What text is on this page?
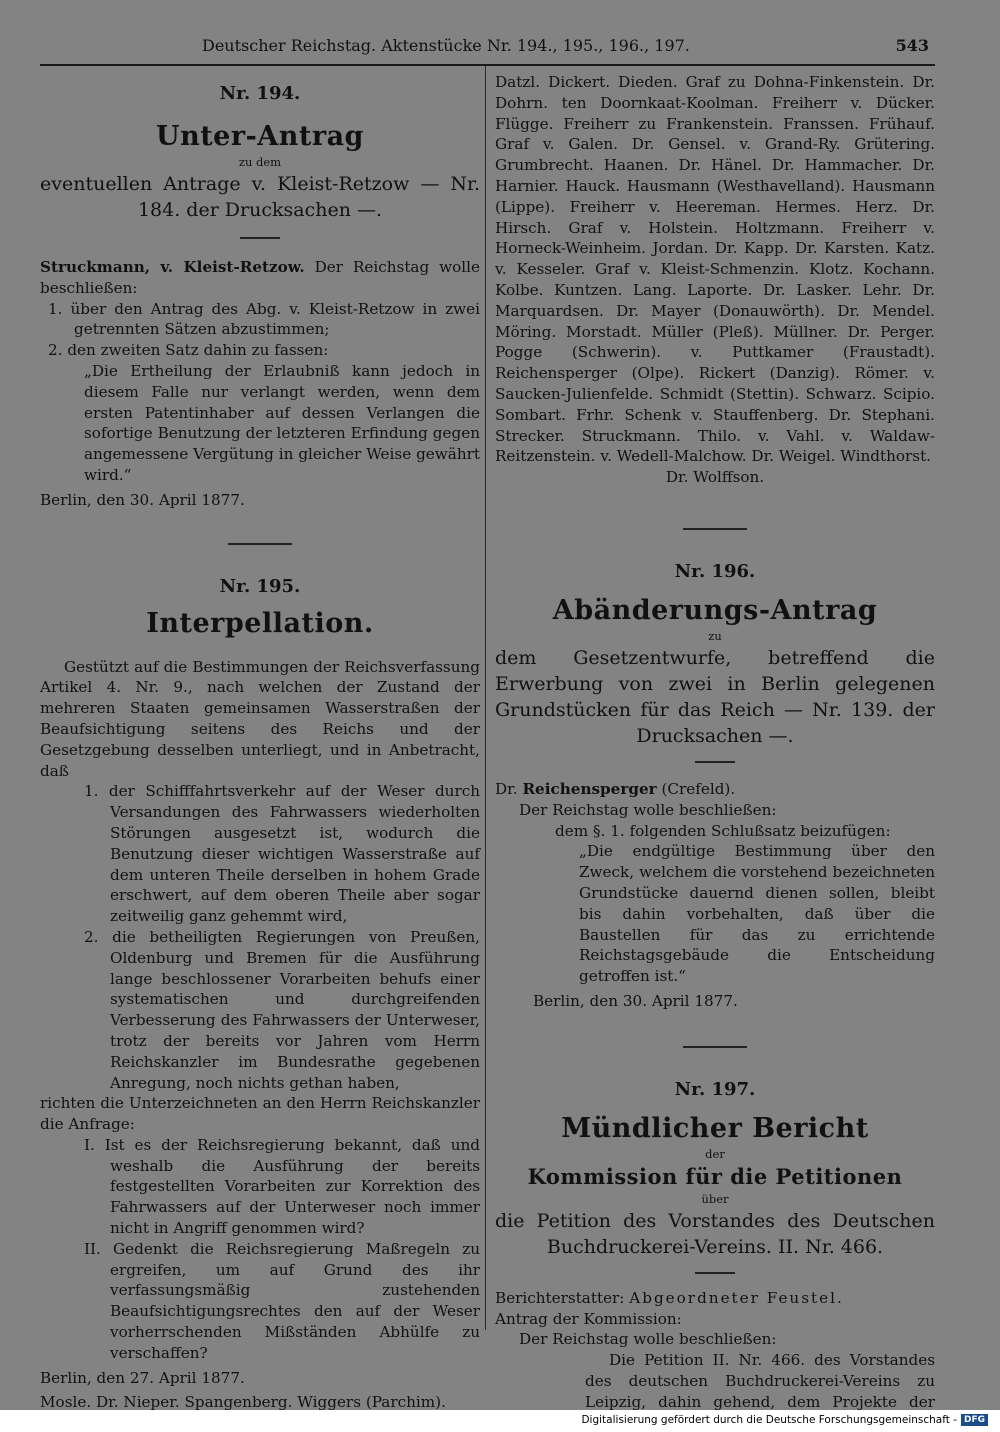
Deutscher Reichstag. Aktenstücke Nr. 194., 195., 196., 197.	543
Nr. 194.
Unter-Antrag
zu dem
eventuellen Antrage v. Kleist-Retzow — Nr. 184. der Drucksachen —.

Struckmann, v. Kleist-Retzow. Der Reichstag wolle beschließen:

1. über den Antrag des Abg. v. Kleist-Retzow in zwei getrennten Sätzen abzustimmen;

2. den zweiten Satz dahin zu fassen:

„Die Ertheilung der Erlaubniß kann jedoch in diesem Falle nur verlangt werden, wenn dem ersten Patentinhaber auf dessen Verlangen die sofortige Benutzung der letzteren Erfindung gegen angemessene Vergütung in gleicher Weise gewährt wird.“

Berlin, den 30. April 1877.

Nr. 195.
Interpellation.

Gestützt auf die Bestimmungen der Reichsverfassung Artikel 4. Nr. 9., nach welchen der Zustand der mehreren Staaten gemeinsamen Wasserstraßen der Beaufsichtigung seitens des Reichs und der Gesetzgebung desselben unterliegt, und in Anbetracht, daß

1. der Schifffahrtsverkehr auf der Weser durch Versandungen des Fahrwassers wiederholten Störungen ausgesetzt ist, wodurch die Benutzung dieser wichtigen Wasserstraße auf dem unteren Theile derselben in hohem Grade erschwert, auf dem oberen Theile aber sogar zeitweilig ganz gehemmt wird,

2. die betheiligten Regierungen von Preußen, Oldenburg und Bremen für die Ausführung lange beschlossener Vorarbeiten behufs einer systematischen und durchgreifenden Verbesserung des Fahrwassers der Unterweser, trotz der bereits vor Jahren vom Herrn Reichskanzler im Bundesrathe gegebenen Anregung, noch nichts gethan haben,

richten die Unterzeichneten an den Herrn Reichskanzler die Anfrage:

I. Ist es der Reichsregierung bekannt, daß und weshalb die Ausführung der bereits festgestellten Vorarbeiten zur Korrektion des Fahrwassers auf der Unterweser noch immer nicht in Angriff genommen wird?

II. Gedenkt die Reichsregierung Maßregeln zu ergreifen, um auf Grund des ihr verfassungsmäßig zustehenden Beaufsichtigungsrechtes den auf der Weser vorherrschenden Mißständen Abhülfe zu verschaffen?

Berlin, den 27. April 1877.

Mosle. Dr. Nieper. Spangenberg. Wiggers (Parchim).

Datzl. Dickert. Dieden. Graf zu Dohna-Finkenstein. Dr. Dohrn. ten Doornkaat-Koolman. Freiherr v. Dücker. Flügge. Freiherr zu Frankenstein. Franssen. Frühauf. Graf v. Galen. Dr. Gensel. v. Grand-Ry. Grütering. Grumbrecht. Haanen. Dr. Hänel. Dr. Hammacher. Dr. Harnier. Hauck. Hausmann (Westhavelland). Hausmann (Lippe). Freiherr v. Heereman. Hermes. Herz. Dr. Hirsch. Graf v. Holstein. Holtzmann. Freiherr v. Horneck-Weinheim. Jordan. Dr. Kapp. Dr. Karsten. Katz. v. Kesseler. Graf v. Kleist-Schmenzin. Klotz. Kochann. Kolbe. Kuntzen. Lang. Laporte. Dr. Lasker. Lehr. Dr. Marquardsen. Dr. Mayer (Donauwörth). Dr. Mendel. Möring. Morstadt. Müller (Pleß). Müllner. Dr. Perger. Pogge (Schwerin). v. Puttkamer (Fraustadt). Reichensperger (Olpe). Rickert (Danzig). Römer. v. Saucken-Julienfelde. Schmidt (Stettin). Schwarz. Scipio. Sombart. Frhr. Schenk v. Stauffenberg. Dr. Stephani. Strecker. Struckmann. Thilo. v. Vahl. v. Waldaw-Reitzenstein. v. Wedell-Malchow. Dr. Weigel. Windthorst.

Dr. Wolffson.

Nr. 196.
Abänderungs-Antrag
zu
dem Gesetzentwurfe, betreffend die Erwerbung von zwei in Berlin gelegenen Grundstücken für das Reich — Nr. 139. der Drucksachen —.

Dr. Reichensperger (Crefeld).

Der Reichstag wolle beschließen:

dem §. 1. folgenden Schlußsatz beizufügen:

„Die endgültige Bestimmung über den Zweck, welchem die vorstehend bezeichneten Grundstücke dauernd dienen sollen, bleibt bis dahin vorbehalten, daß über die Baustellen für das zu errichtende Reichstagsgebäude die Entscheidung getroffen ist.“

Berlin, den 30. April 1877.

Nr. 197.
Mündlicher Bericht
der
Kommission für die Petitionen
über
die Petition des Vorstandes des Deutschen Buchdruckerei-Vereins. II. Nr. 466.

Berichterstatter: Abgeordneter Feustel.

Antrag der Kommission:

Der Reichstag wolle beschließen:

Die Petition II. Nr. 466. des Vorstandes des deutschen Buchdruckerei-Vereins zu Leipzig, dahin gehend, dem Projekte der

Digitalisierung gefördert durch die Deutsche Forschungsgemeinschaft - DFG
